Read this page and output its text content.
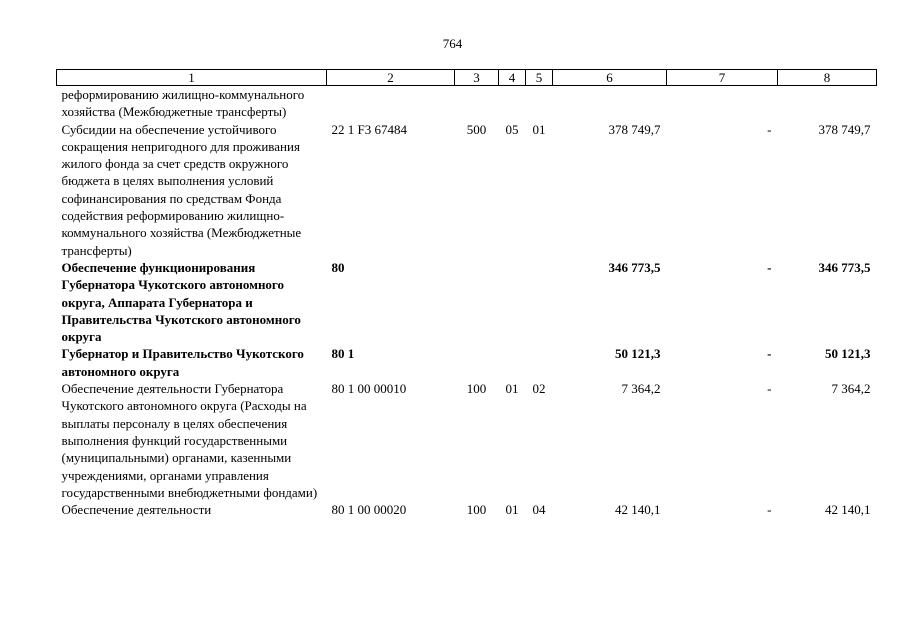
764
1	2	3	4	5	6	7	8
реформированию жилищно-коммунального хозяйства (Межбюджетные трансферты)							
Субсидии на обеспечение устойчивого сокращения непригодного для проживания жилого фонда за счет средств окружного бюджета в целях выполнения условий софинансирования по средствам Фонда содействия реформированию жилищно-коммунального хозяйства (Межбюджетные трансферты)	22 1 F3 67484	500	05	01	378 749,7	-	378 749,7
Обеспечение функционирования Губернатора Чукотского автономного округа, Аппарата Губернатора и Правительства Чукотского автономного округа	80				346 773,5	-	346 773,5
Губернатор и Правительство Чукотского автономного округа	80 1				50 121,3	-	50 121,3
Обеспечение деятельности Губернатора Чукотского автономного округа (Расходы на выплаты персоналу в целях обеспечения выполнения функций государственными (муниципальными) органами, казенными учреждениями, органами управления государственными внебюджетными фондами)	80 1 00 00010	100	01	02	7 364,2	-	7 364,2
Обеспечение деятельности	80 1 00 00020	100	01	04	42 140,1	-	42 140,1
